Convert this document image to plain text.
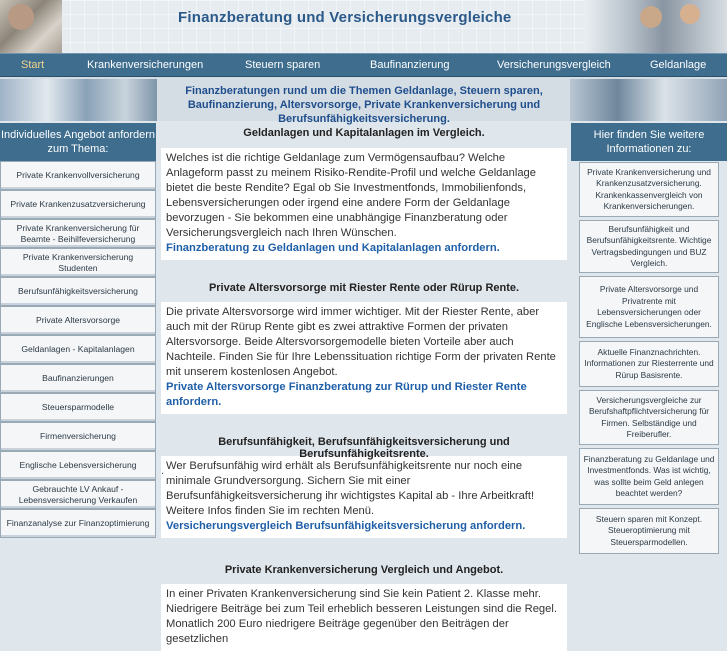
Finanzberatung und Versicherungsvergleiche
Start	Krankenversicherungen	Steuern sparen	Baufinanzierung	Versicherungsvergleich	Geldanlage
Finanzberatungen rund um die Themen Geldanlage, Steuern sparen, Baufinanzierung, Altersvorsorge, Private Krankenversicherung und Berufsunfähigkeitsversicherung.
Individuelles Angebot anfordern zum Thema:
Private Krankenvollversicherung
Private Krankenzusatzversicherung
Private Krankenversicherung für Beamte - Beihilfeversicherung
Private Krankenversicherung Studenten
Berufsunfähigkeitsversicherung
Private Altersvorsorge
Geldanlagen - Kapitalanlagen
Baufinanzierungen
Steuersparmodelle
Firmenversicherung
Englische Lebensversicherung
Gebrauchte LV Ankauf - Lebensversicherung Verkaufen
Finanzanalyse zur Finanzoptimierung
Hier finden Sie weitere Informationen zu:
Private Krankenversicherung und Krankenzusatzversicherung. Krankenkassenvergleich von Krankenversicherungen.
Berufsunfähigkeit und Berufsunfähigkeitsrente. Wichtige Vertragsbedingungen und BUZ Vergleich.
Private Altersvorsorge und Privatrente mit Lebensversicherungen oder Englische Lebensversicherungen.
Aktuelle Finanznachrichten. Informationen zur Riesterrente und Rürup Basisrente.
Versicherungsvergleiche zur Berufshaftpflichtversicherung für Firmen. Selbständige und Freiberufler.
Finanzberatung zu Geldanlage und Investmentfonds. Was ist wichtig, was sollte beim Geld anlegen beachtet werden?
Steuern sparen mit Konzept. Steueroptimierung mit Steuersparmodellen.
Geldanlagen und Kapitalanlagen im Vergleich.
Welches ist die richtige Geldanlage zum Vermögensaufbau? Welche Anlageform passt zu meinem Risiko-Rendite-Profil und welche Geldanlage bietet die beste Rendite? Egal ob Sie Investmentfonds, Immobilienfonds, Lebensversicherungen oder irgend eine andere Form der Geldanlage bevorzugen - Sie bekommen eine unabhängige Finanzberatung oder Versicherungsvergleich nach Ihren Wünschen.
Finanzberatung zu Geldanlagen und Kapitalanlagen anfordern.
Private Altersvorsorge mit Riester Rente oder Rürup Rente.
Die private Altersvorsorge wird immer wichtiger. Mit der Riester Rente, aber auch mit der Rürup Rente gibt es zwei attraktive Formen der privaten Altersvorsorge. Beide Altersvorsorgemodelle bieten Vorteile aber auch Nachteile. Finden Sie für Ihre Lebenssituation richtige Form der privaten Rente mit unserem kostenlosen Angebot.
Private Altersvorsorge Finanzberatung zur Rürup und Riester Rente anfordern.
Berufsunfähigkeit, Berufsunfähigkeitsversicherung und Berufsunfähigkeitsrente.
Wer Berufsunfähig wird erhält als Berufsunfähigkeitsrente nur noch eine minimale Grundversorgung. Sichern Sie mit einer Berufsunfähigkeitsversicherung ihr wichtigstes Kapital ab - Ihre Arbeitkraft! Weitere Infos finden Sie im rechten Menü.
Versicherungsvergleich Berufsunfähigkeitsversicherung anfordern.
Private Krankenversicherung Vergleich und Angebot.
In einer Privaten Krankenversicherung sind Sie kein Patient 2. Klasse mehr. Niedrigere Beiträge bei zum Teil erheblich besseren Leistungen sind die Regel. Monatlich 200 Euro niedrigere Beiträge gegenüber den Beiträgen der gesetzlichen
.
